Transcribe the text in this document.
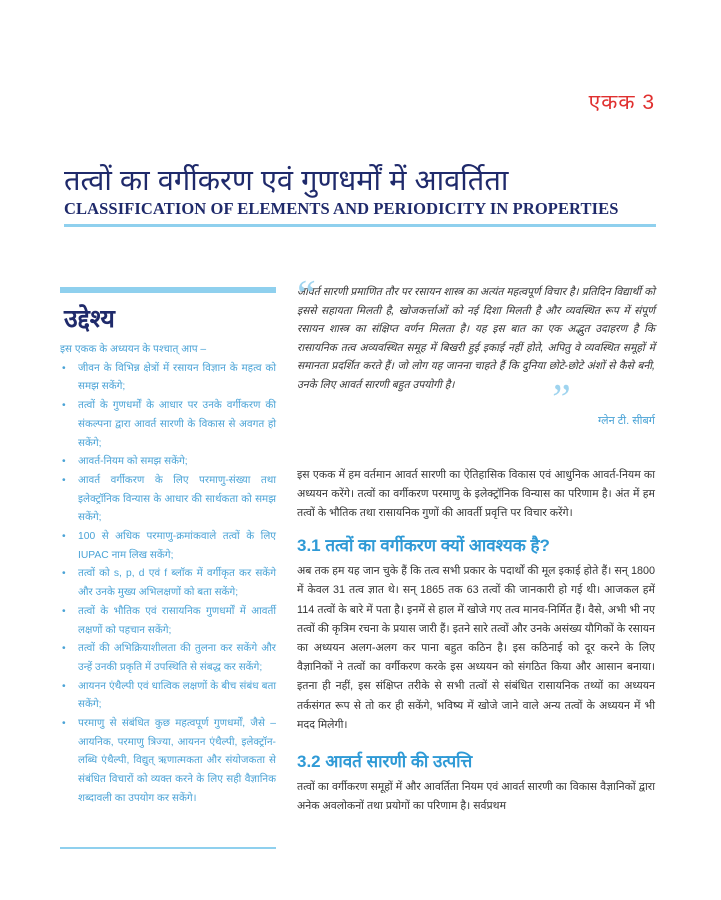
एकक 3
तत्वों का वर्गीकरण एवं गुणधर्मों में आवर्तिता
CLASSIFICATION OF ELEMENTS AND PERIODICITY IN PROPERTIES
उद्देश्य
इस एकक के अध्ययन के पश्चात् आप –
• जीवन के विभिन्न क्षेत्रों में रसायन विज्ञान के महत्व को समझ सकेंगे;
• तत्वों के गुणधर्मों के आधार पर उनके वर्गीकरण की संकल्पना द्वारा आवर्त सारणी के विकास से अवगत हो सकेंगे;
• आवर्त-नियम को समझ सकेंगे;
• आवर्त वर्गीकरण के लिए परमाणु-संख्या तथा इलेक्ट्रॉनिक विन्यास के आधार की सार्थकता को समझ सकेंगे;
• 100 से अधिक परमाणु-क्रमांकवाले तत्वों के लिए IUPAC नाम लिख सकेंगे;
• तत्वों को s, p, d एवं f ब्लॉक में वर्गीकृत कर सकेंगे और उनके मुख्य अभिलक्षणों को बता सकेंगे;
• तत्वों के भौतिक एवं रासायनिक गुणधर्मों में आवर्ती लक्षणों को पहचान सकेंगे;
• तत्वों की अभिक्रियाशीलता की तुलना कर सकेंगे और उन्हें उनकी प्रकृति में उपस्थिति से संबद्ध कर सकेंगे;
• आयनन एंथैल्पी एवं धात्विक लक्षणों के बीच संबंध बता सकेंगे;
• परमाणु से संबंधित कुछ महत्वपूर्ण गुणधर्मों, जैसे – आयनिक, परमाणु त्रिज्या, आयनन एंथैल्पी, इलेक्ट्रॉन-लब्धि एंथैल्पी, विद्युत् ऋणात्मकता और संयोजकता से संबंधित विचारों को व्यक्त करने के लिए सही वैज्ञानिक शब्दावली का उपयोग कर सकेंगे।
“
आवर्त सारणी प्रमाणित तौर पर रसायन शास्त्र का अत्यंत महत्वपूर्ण विचार है। प्रतिदिन विद्यार्थी को इससे सहायता मिलती है, खोजकर्त्ताओं को नई दिशा मिलती है और व्यवस्थित रूप में संपूर्ण रसायन शास्त्र का संक्षिप्त वर्णन मिलता है। यह इस बात का एक अद्भुत उदाहरण है कि रासायनिक तत्व अव्यवस्थित समूह में बिखरी हुई इकाई नहीं होते, अपितु वे व्यवस्थित समूहों में समानता प्रदर्शित करते हैं। जो लोग यह जानना चाहते हैं कि दुनिया छोटे-छोटे अंशों से कैसे बनी, उनके लिए आवर्त सारणी बहुत उपयोगी है। ”	ग्लेन टी. सीबर्ग

इस एकक में हम वर्तमान आवर्त सारणी का ऐतिहासिक विकास एवं आधुनिक आवर्त-नियम का अध्ययन करेंगे। तत्वों का वर्गीकरण परमाणु के इलेक्ट्रॉनिक विन्यास का परिणाम है। अंत में हम तत्वों के भौतिक तथा रासायनिक गुणों की आवर्ती प्रवृत्ति पर विचार करेंगे।

3.1 तत्वों का वर्गीकरण क्यों आवश्यक है?

अब तक हम यह जान चुके हैं कि तत्व सभी प्रकार के पदार्थों की मूल इकाई होते हैं। सन् 1800 में केवल 31 तत्व ज्ञात थे। सन् 1865 तक 63 तत्वों की जानकारी हो गई थी। आजकल हमें 114 तत्वों के बारे में पता है। इनमें से हाल में खोजे गए तत्व मानव-निर्मित हैं। वैसे, अभी भी नए तत्वों की कृत्रिम रचना के प्रयास जारी हैं। इतने सारे तत्वों और उनके असंख्य यौगिकों के रसायन का अध्ययन अलग-अलग कर पाना बहुत कठिन है। इस कठिनाई को दूर करने के लिए वैज्ञानिकों ने तत्वों का वर्गीकरण करके इस अध्ययन को संगठित किया और आसान बनाया। इतना ही नहीं, इस संक्षिप्त तरीके से सभी तत्वों से संबंधित रासायनिक तथ्यों का अध्ययन तर्कसंगत रूप से तो कर ही सकेंगे, भविष्य में खोजे जाने वाले अन्य तत्वों के अध्ययन में भी मदद मिलेगी।

3.2 आवर्त सारणी की उत्पत्ति

तत्वों का वर्गीकरण समूहों में और आवर्तिता नियम एवं आवर्त सारणी का विकास वैज्ञानिकों द्वारा अनेक अवलोकनों तथा प्रयोगों का परिणाम है। सर्वप्रथम
